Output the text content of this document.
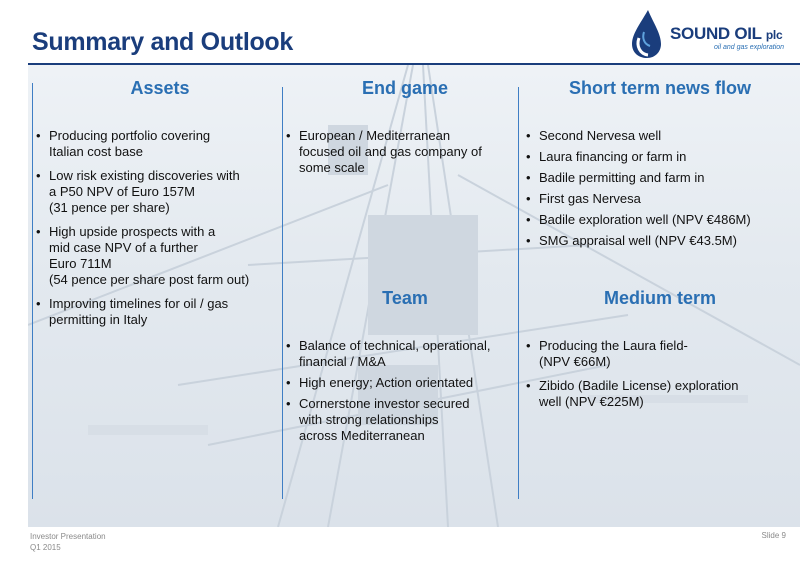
Summary and Outlook	SOUND OIL plc
oil and gas exploration
Assets
• Producing portfolio covering
Italian cost base
• Low risk existing discoveries with
a P50 NPV of Euro 157M
(31 pence per share)
• High upside prospects with a
mid case NPV of a further
Euro 711M
(54 pence per share post farm out)
• Improving timelines for oil / gas
permitting in Italy
End game
• European / Mediterranean
focused oil and gas company of
some scale
Team
• Balance of technical, operational,
financial / M&A
• High energy; Action orientated
• Cornerstone investor secured
with strong relationships
across Mediterranean
Short term news flow
• Second Nervesa well
• Laura financing or farm in
• Badile permitting and farm in
• First gas Nervesa
• Badile exploration well (NPV €486M)
• SMG appraisal well (NPV €43.5M)
Medium term
• Producing the Laura field-
(NPV €66M)
• Zibido (Badile License) exploration
well (NPV €225M)
Investor Presentation
Q1 2015
Slide 9
